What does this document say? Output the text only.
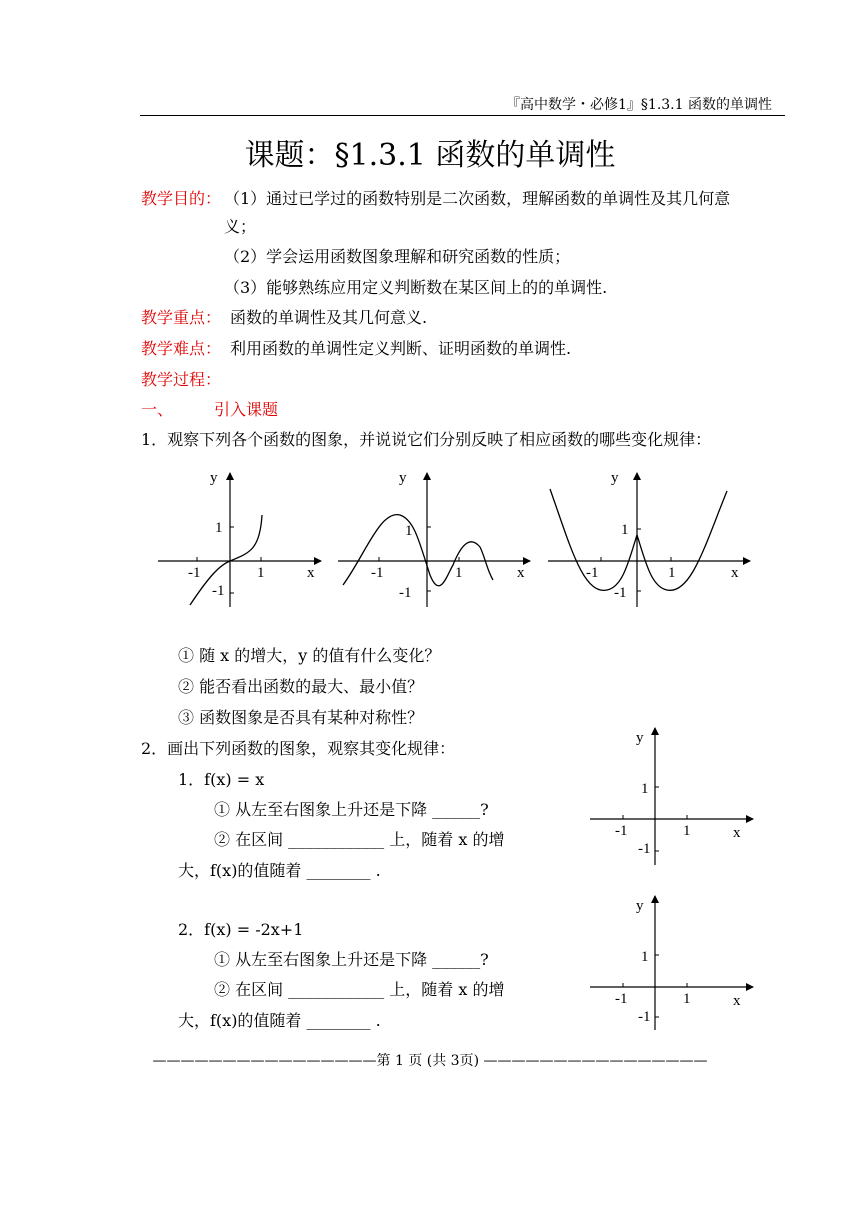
『高中数学・必修1』§1.3.1 函数的单调性
课题：§1.3.1 函数的单调性
教学目的： （1）通过已学过的函数特别是二次函数，理解函数的单调性及其几何意
义；
（2）学会运用函数图象理解和研究函数的性质；
（3）能够熟练应用定义判断数在某区间上的的单调性.
教学重点： 函数的单调性及其几何意义.
教学难点： 利用函数的单调性定义判断、证明函数的单调性.
教学过程：
一、	引入课题
1．观察下列各个函数的图象，并说说它们分别反映了相应函数的哪些变化规律：
y
1
-1	1	x
-1
y
1
-1	1	x
-1
y
1
-1	1	x
-1
① 随 x 的增大，y 的值有什么变化？
② 能否看出函数的最大、最小值？
③ 函数图象是否具有某种对称性？
2．画出下列函数的图象，观察其变化规律：
1．f(x) = x
① 从左至右图象上升还是下降 ______?
② 在区间 ____________ 上，随着 x 的增
大，f(x)的值随着 ________ .
y
1
-1	1	x
-1
2．f(x) = -2x+1
① 从左至右图象上升还是下降 ______?
② 在区间 ____________ 上，随着 x 的增
大，f(x)的值随着 ________ .
y
1
-1	1	x
-1
————————————————第 1 页 (共 3页) ————————————————
